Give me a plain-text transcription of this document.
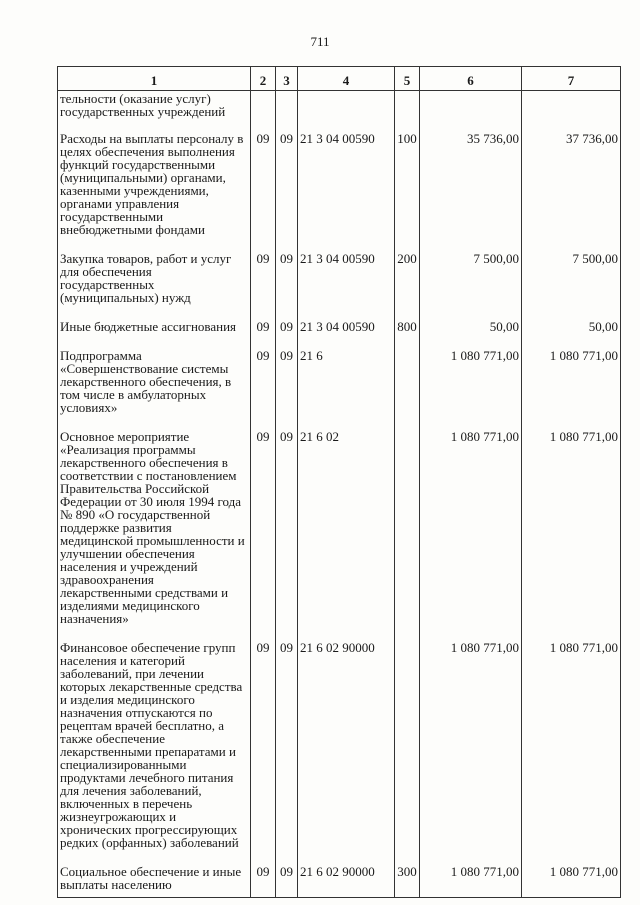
711
1	2	3	4	5	6	7
тельности (оказание услуг) государственных учреждений						
Расходы на выплаты персоналу в целях обеспечения выполнения функций государственными (муниципальными) органами, казенными учреждениями, органами управления государственными внебюджетными фондами	09	09	21 3 04 00590	100	35 736,00	37 736,00
Закупка товаров, работ и услуг для обеспечения государственных (муниципальных) нужд	09	09	21 3 04 00590	200	7 500,00	7 500,00
Иные бюджетные ассигнования	09	09	21 3 04 00590	800	50,00	50,00
Подпрограмма «Совершенствование системы лекарственного обеспечения, в том числе в амбулаторных условиях»	09	09	21 6		1 080 771,00	1 080 771,00
Основное мероприятие «Реализация программы лекарственного обеспечения в соответствии с постановлением Правительства Российской Федерации от 30 июля 1994 года № 890 «О государственной поддержке развития медицинской промышленности и улучшении обеспечения населения и учреждений здравоохранения лекарственными средствами и изделиями медицинского назначения»	09	09	21 6 02		1 080 771,00	1 080 771,00
Финансовое обеспечение групп населения и категорий заболеваний, при лечении которых лекарственные средства и изделия медицинского назначения отпускаются по рецептам врачей бесплатно, а также обеспечение лекарственными препаратами и специализированными продуктами лечебного питания для лечения заболеваний, включенных в перечень жизнеугрожающих и хронических прогрессирующих редких (орфанных) заболеваний	09	09	21 6 02 90000		1 080 771,00	1 080 771,00
Социальное обеспечение и иные выплаты населению	09	09	21 6 02 90000	300	1 080 771,00	1 080 771,00
